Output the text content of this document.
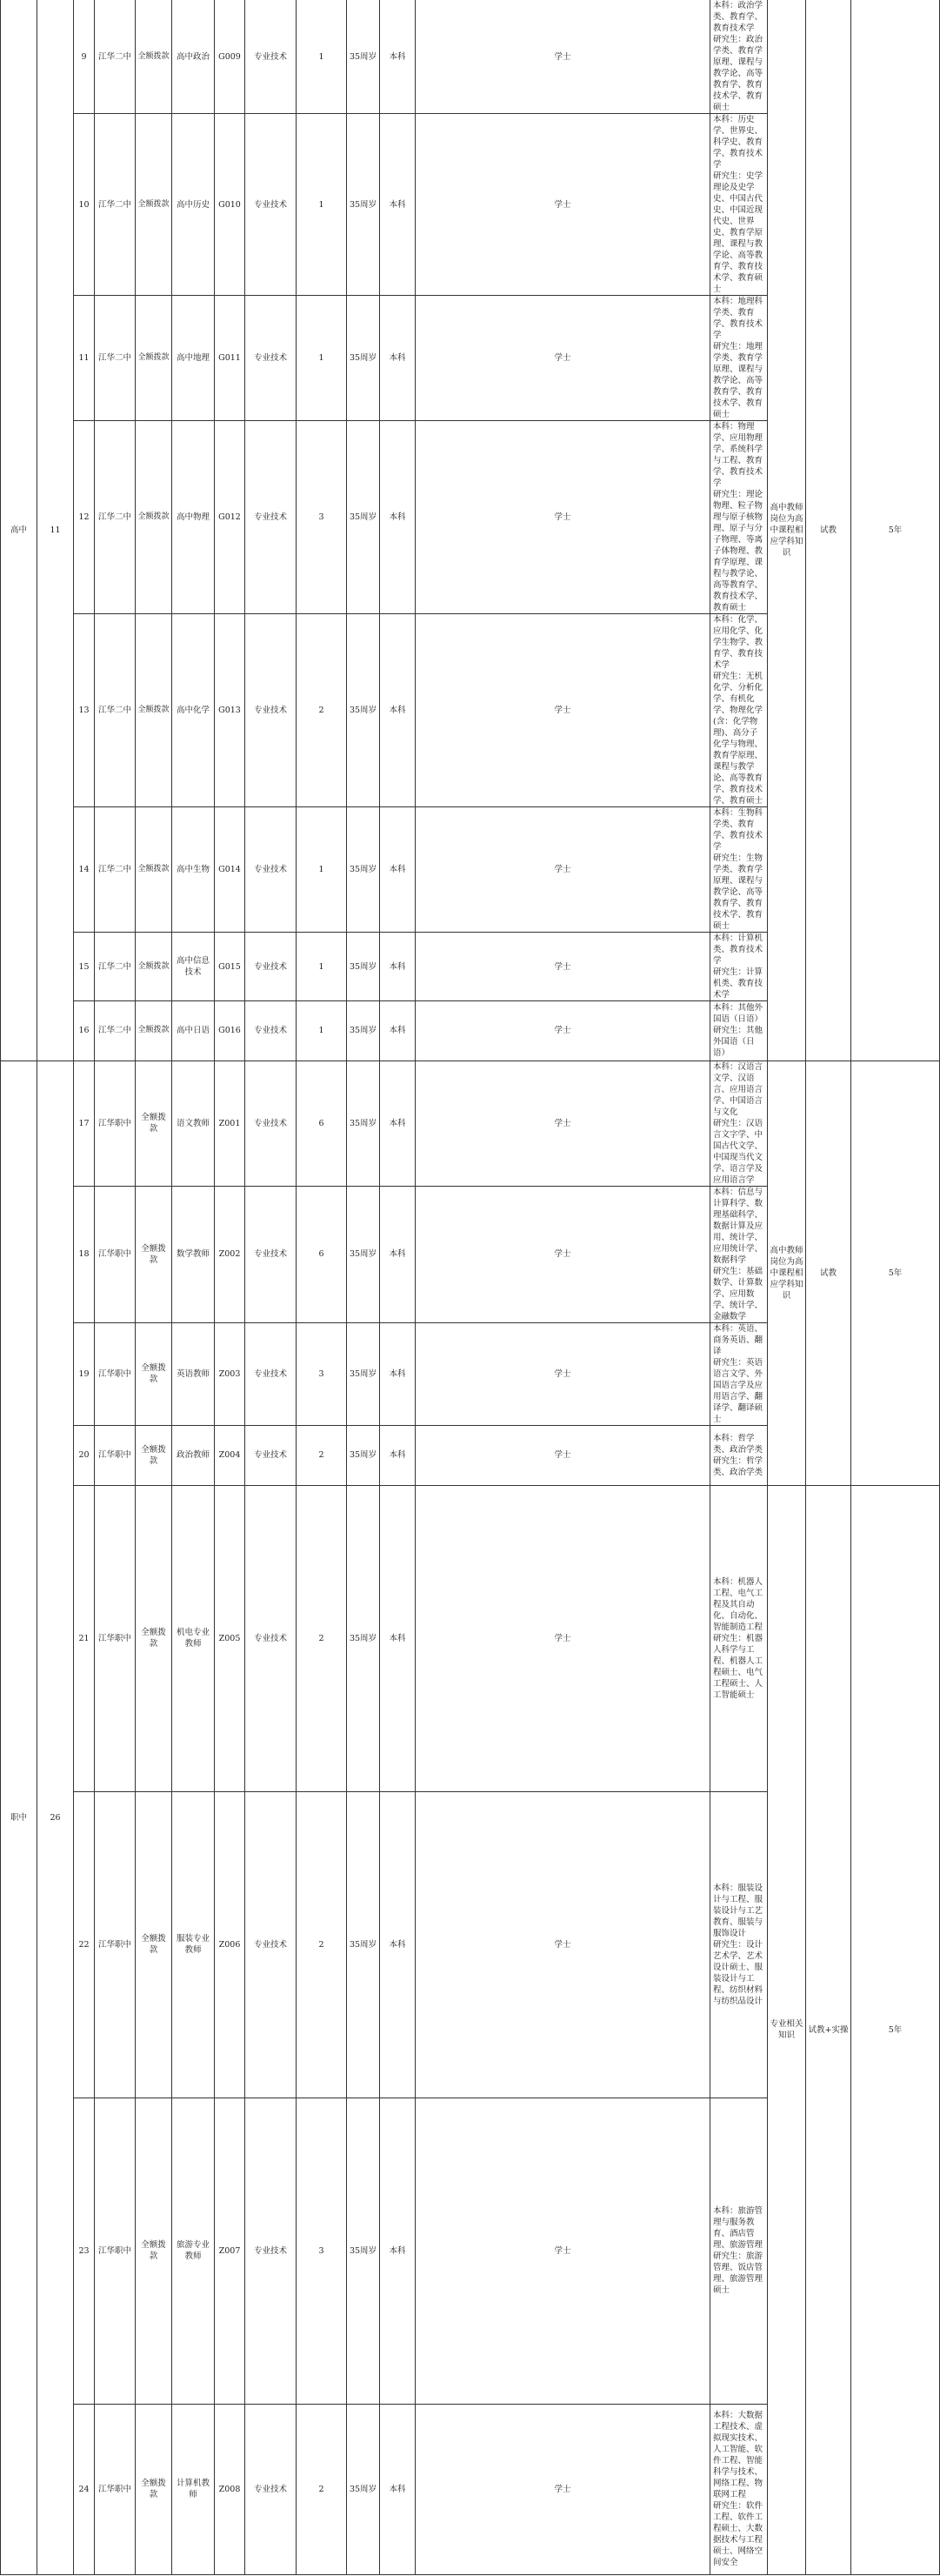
高中	11	9	江华二中	全额拨款	高中政治	G009	专业技术	1	35周岁	本科	学士	本科：政治学类、教育学、教育技术学
研究生：政治学类、教育学原理、课程与教学论、高等教育学、教育技术学、教育硕士	高中教师岗位为高中课程相应学科知识	试教	5年	
		10	江华二中	全额拨款	高中历史	G010	专业技术	1	35周岁	本科	学士	本科：历史学、世界史、科学史、教育学、教育技术学
研究生：史学理论及史学史、中国古代史、中国近现代史、世界史、教育学原理、课程与教学论、高等教育学、教育技术学、教育硕士				

		11	江华二中	全额拨款	高中地理	G011	专业技术	1	35周岁	本科	学士	本科：地理科学类、教育学、教育技术学
研究生：地理学类、教育学原理、课程与教学论、高等教育学、教育技术学、教育硕士				

		12	江华二中	全额拨款	高中物理	G012	专业技术	3	35周岁	本科	学士	本科：物理学、应用物理学、系统科学与工程、教育学、教育技术学
研究生：理论物理、粒子物理与原子核物理、原子与分子物理、等离子体物理、教育学原理、课程与教学论、高等教育学、教育技术学、教育硕士				

		13	江华二中	全额拨款	高中化学	G013	专业技术	2	35周岁	本科	学士	本科：化学、应用化学、化学生物学、教育学、教育技术学
研究生：无机化学、分析化学、有机化学、物理化学(含：化学物理)、高分子化学与物理、教育学原理、课程与教学论、高等教育学、教育技术学、教育硕士				

		14	江华二中	全额拨款	高中生物	G014	专业技术	1	35周岁	本科	学士	本科：生物科学类、教育学、教育技术学
研究生：生物学类、教育学原理、课程与教学论、高等教育学、教育技术学、教育硕士				

		15	江华二中	全额拨款	高中信息技术	G015	专业技术	1	35周岁	本科	学士	本科：计算机类、教育技术学
研究生：计算机类、教育技术学				

		16	江华二中	全额拨款	高中日语	G016	专业技术	1	35周岁	本科	学士	本科：其他外国语（日语）
研究生：其他外国语（日语）				

职中	26	17	江华职中	全额拨款	语文教师	Z001	专业技术	6	35周岁	本科	学士	本科：汉语言文学、汉语言、应用语言学、中国语言与文化
研究生：汉语言文字学、中国古代文学、中国现当代文学、语言学及应用语言学	高中教师岗位为高中课程相应学科知识	试教	5年	
		18	江华职中	全额拨款	数学教师	Z002	专业技术	6	35周岁	本科	学士	本科：信息与计算科学、数理基础科学、数据计算及应用、统计学、应用统计学、数据科学
研究生：基础数学、计算数学、应用数学、统计学、金融数学				

		19	江华职中	全额拨款	英语教师	Z003	专业技术	3	35周岁	本科	学士	本科：英语、商务英语、翻译
研究生：英语语言文学、外国语言学及应用语言学、翻译学、翻译硕士				

		20	江华职中	全额拨款	政治教师	Z004	专业技术	2	35周岁	本科	学士	本科：哲学类、政治学类
研究生：哲学类、政治学类				

		21	江华职中	全额拨款	机电专业教师	Z005	专业技术	2	35周岁	本科	学士	本科：机器人工程、电气工程及其自动化、自动化、智能制造工程
研究生：机器人科学与工程、机器人工程硕士、电气工程硕士、人工智能硕士	专业相关知识	试教+实操	5年	
		22	江华职中	全额拨款	服装专业教师	Z006	专业技术	2	35周岁	本科	学士	本科：服装设计与工程、服装设计与工艺教育、服装与服饰设计
研究生：设计艺术学、艺术设计硕士、服装设计与工程、纺织材料与纺织品设计

		23	江华职中	全额拨款	旅游专业教师	Z007	专业技术	3	35周岁	本科	学士	本科：旅游管理与服务教育、酒店管理、旅游管理
研究生：旅游管理、饭店管理、旅游管理硕士

		24	江华职中	全额拨款	计算机教师	Z008	专业技术	2	35周岁	本科	学士	本科：大数据工程技术、虚拟现实技术、人工智能、软件工程、智能科学与技术、网络工程、物联网工程
研究生：软件工程、软件工程硕士、大数据技术与工程硕士、网络空间安全
